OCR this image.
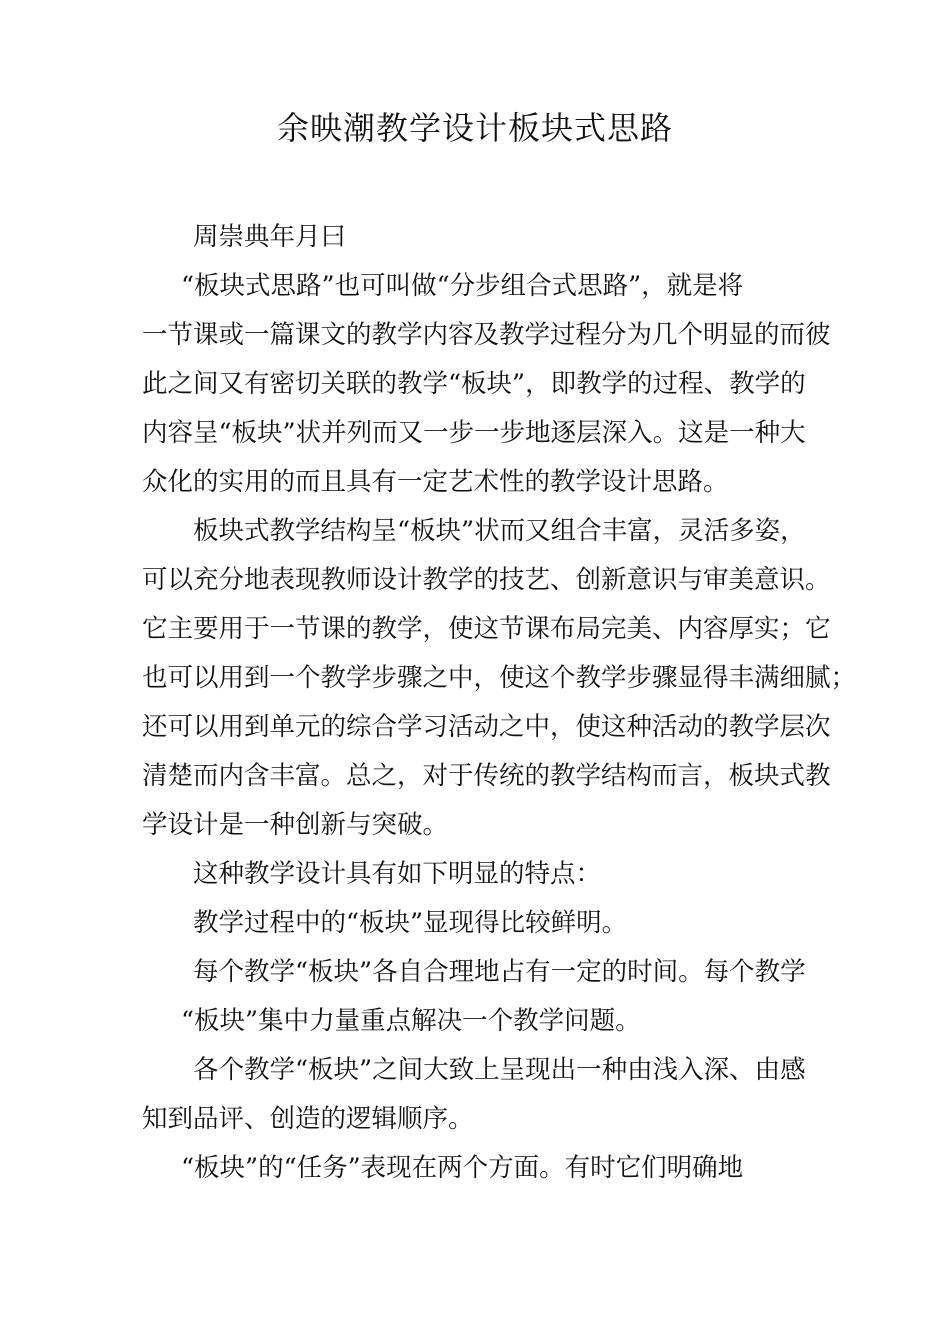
余映潮教学设计板块式思路

周崇典年月曰

“板块式思路”也可叫做“分步组合式思路”，就是将

一节课或一篇课文的教学内容及教学过程分为几个明显的而彼

此之间又有密切关联的教学“板块”，即教学的过程、教学的

内容呈“板块”状并列而又一步一步地逐层深入。这是一种大

众化的实用的而且具有一定艺术性的教学设计思路。

板块式教学结构呈“板块”状而又组合丰富，灵活多姿，

可以充分地表现教师设计教学的技艺、创新意识与审美意识。

它主要用于一节课的教学，使这节课布局完美、内容厚实；它

也可以用到一个教学步骤之中，使这个教学步骤显得丰满细腻；

还可以用到单元的综合学习活动之中，使这种活动的教学层次

清楚而内含丰富。总之，对于传统的教学结构而言，板块式教

学设计是一种创新与突破。

这种教学设计具有如下明显的特点：

教学过程中的“板块”显现得比较鲜明。

每个教学“板块”各自合理地占有一定的时间。每个教学

“板块”集中力量重点解决一个教学问题。

各个教学“板块”之间大致上呈现出一种由浅入深、由感

知到品评、创造的逻辑顺序。

“板块”的“任务”表现在两个方面。有时它们明确地
